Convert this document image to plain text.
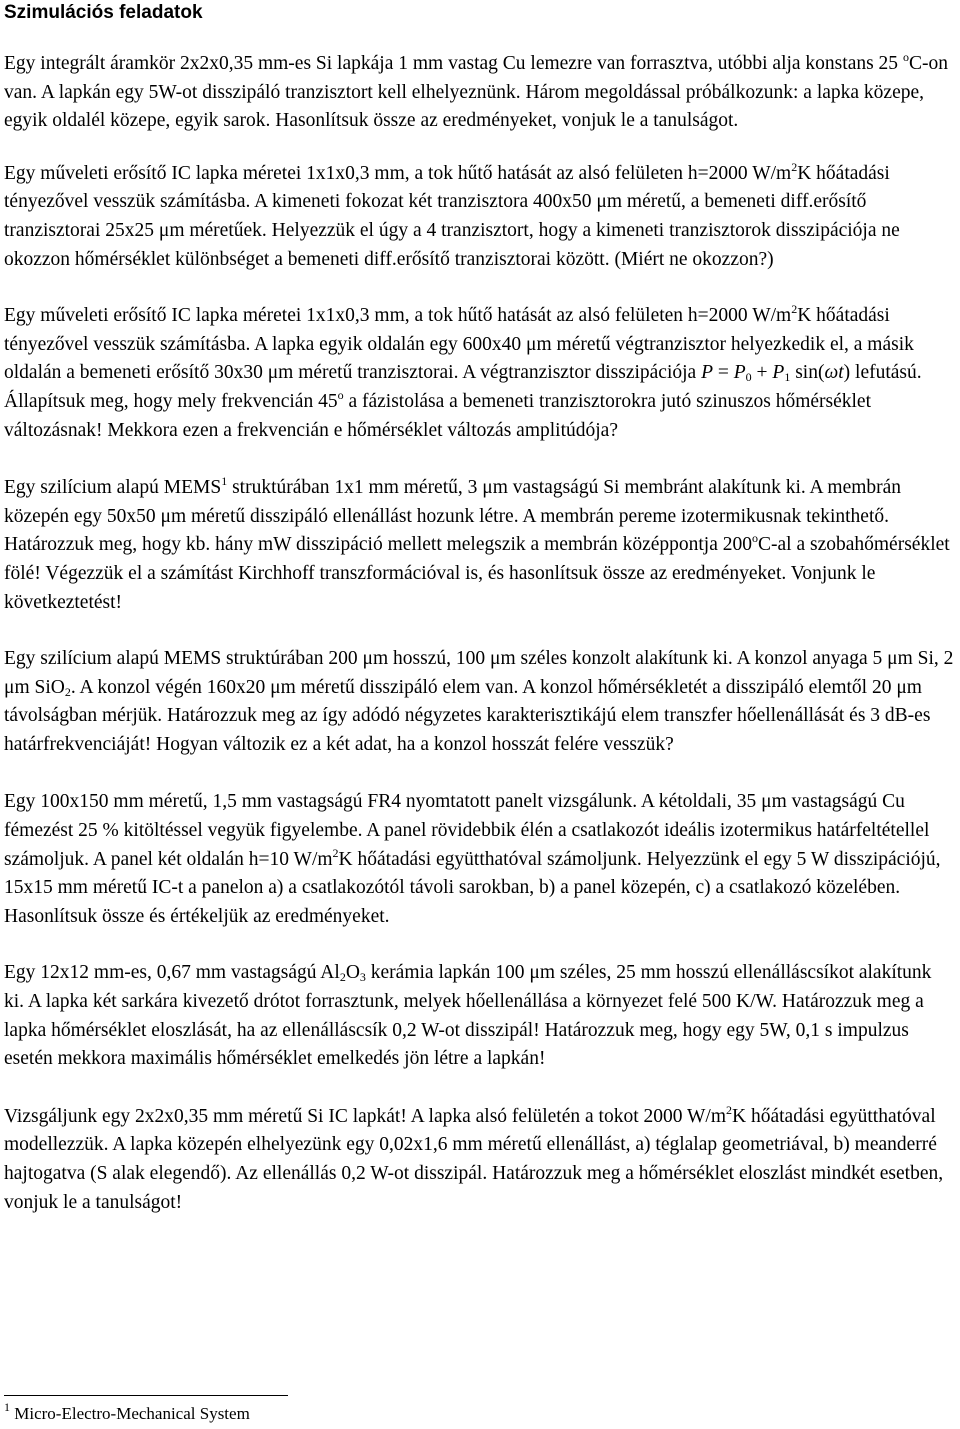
Szimulációs feladatok

Egy integrált áramkör 2x2x0,35 mm-es Si lapkája 1 mm vastag Cu lemezre van forrasztva, utóbbi alja konstans 25 $^o$C-on van. A lapkán egy 5W-ot disszipáló tranzisztort kell elhelyeznünk. Három megoldással próbálkozunk: a lapka közepe, egyik oldalél közepe, egyik sarok. Hasonlítsuk össze az eredményeket, vonjuk le a tanulságot.

Egy műveleti erősítő IC lapka méretei 1x1x0,3 mm, a tok hűtő hatását az alsó felületen h=2000 $W/m^2K$ hőátadási tényezővel vesszük számításba. A kimeneti fokozat két tranzisztora 400x50 μm méretű, a bemeneti diff.erősítő tranzisztorai 25x25 μm méretűek. Helyezzük el úgy a 4 tranzisztort, hogy a kimeneti tranzisztorok disszipációja ne okozzon hőmérséklet különbséget a bemeneti diff.erősítő tranzisztorai között. (Miért ne okozzon?)

Egy műveleti erősítő IC lapka méretei 1x1x0,3 mm, a tok hűtő hatását az alsó felületen h=2000 $W/m^2K$ hőátadási tényezővel vesszük számításba. A lapka egyik oldalán egy 600x40 μm méretű végtranzisztor helyezkedik el, a másik oldalán a bemeneti erősítő 30x30 μm méretű tranzisztorai. A végtranzisztor disszipációja $P = P_0 + P_1$ sin(ωt) lefutású. Állapítsuk meg, hogy mely frekvencián 45$^o$ a fázistolása a bemeneti tranzisztorokra jutó szinuszos hőmérséklet változásnak! Mekkora ezen a frekvencián e hőmérséklet változás amplitúdója?

Egy szilícium alapú MEMS$^1$ struktúrában 1x1 mm méretű, 3 μm vastagságú Si membránt alakítunk ki. A membrán közepén egy 50x50 μm méretű disszipáló ellenállást hozunk létre. A membrán pereme izotermikusnak tekinthető. Határozzuk meg, hogy kb. hány mW disszipáció mellett melegszik a membrán középpontja 200$^o$C-al a szobahőmérséklet fölé! Végezzük el a számítást Kirchhoff transzformációval is, és hasonlítsuk össze az eredményeket. Vonjunk le következtetést!

Egy szilícium alapú MEMS struktúrában 200 μm hosszú, 100 μm széles konzolt alakítunk ki. A konzol anyaga 5 μm Si, 2 μm SiO$_2$. A konzol végén 160x20 μm méretű disszipáló elem van. A konzol hőmérsékletét a disszipáló elemtől 20 μm távolságban mérjük. Határozzuk meg az így adódó négyzetes karakterisztikájú elem transzfer hőellenállását és 3 dB-es határfrekvenciáját! Hogyan változik ez a két adat, ha a konzol hosszát felére vesszük?

Egy 100x150 mm méretű, 1,5 mm vastagságú FR4 nyomtatott panelt vizsgálunk. A kétoldali, 35 μm vastagságú Cu fémezést 25 % kitöltéssel vegyük figyelembe. A panel rövidebbik élén a csatlakozót ideális izotermikus határfeltétellel számoljuk. A panel két oldalán h=10 $W/m^2K$ hőátadási együtthatóval számoljunk. Helyezzünk el egy 5 W disszipációjú, 15x15 mm méretű IC-t a panelon a) a csatlakozótól távoli sarokban, b) a panel közepén, c) a csatlakozó közelében. Hasonlítsuk össze és értékeljük az eredményeket.

Egy 12x12 mm-es, 0,67 mm vastagságú $Al_2O_3$ kerámia lapkán 100 μm széles, 25 mm hosszú ellenálláscsíkot alakítunk ki. A lapka két sarkára kivezető drótot forrasztunk, melyek hőellenállása a környezet felé 500 K/W. Határozzuk meg a lapka hőmérséklet eloszlását, ha az ellenálláscsík 0,2 W-ot disszipál! Határozzuk meg, hogy egy 5W, 0,1 s impulzus esetén mekkora maximális hőmérséklet emelkedés jön létre a lapkán!

Vizsgáljunk egy 2x2x0,35 mm méretű Si IC lapkát! A lapka alsó felületén a tokot 2000 $W/m^2K$ hőátadási együtthatóval modellezzük. A lapka közepén elhelyezünk egy 0,02x1,6 mm méretű ellenállást, a) téglalap geometriával, b) meanderré hajtogatva (S alak elegendő). Az ellenállás 0,2 W-ot disszipál. Határozzuk meg a hőmérséklet eloszlást mindkét esetben, vonjuk le a tanulságot!

$^1$ Micro-Electro-Mechanical System
